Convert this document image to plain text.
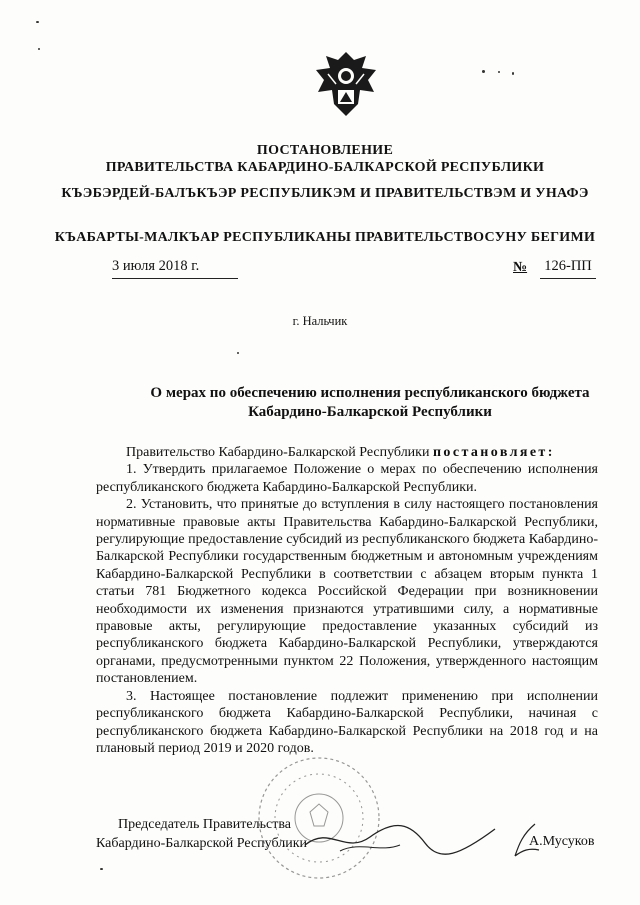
ПОСТАНОВЛЕНИЕ
ПРАВИТЕЛЬСТВА КАБАРДИНО-БАЛКАРСКОЙ РЕСПУБЛИКИ
КЪЭБЭРДЕЙ-БАЛЪКЪЭР РЕСПУБЛИКЭМ И ПРАВИТЕЛЬСТВЭМ И УНАФЭ
КЪАБАРТЫ-МАЛКЪАР РЕСПУБЛИКАНЫ ПРАВИТЕЛЬСТВОСУНУ БЕГИМИ
3 июля 2018 г.	№ 126-ПП
г. Нальчик
О мерах по обеспечению исполнения республиканского бюджета
Кабардино-Балкарской Республики

Правительство Кабардино-Балкарской Республики постановляет:

1. Утвердить прилагаемое Положение о мерах по обеспечению исполнения республиканского бюджета Кабардино-Балкарской Республики.

2. Установить, что принятые до вступления в силу настоящего постановления нормативные правовые акты Правительства Кабардино-Балкарской Республики, регулирующие предоставление субсидий из республиканского бюджета Кабардино-Балкарской Республики государственным бюджетным и автономным учреждениям Кабардино-Балкарской Республики в соответствии с абзацем вторым пункта 1 статьи 781 Бюджетного кодекса Российской Федерации при возникновении необходимости их изменения признаются утратившими силу, а нормативные правовые акты, регулирующие предоставление указанных субсидий из республиканского бюджета Кабардино-Балкарской Республики, утверждаются органами, предусмотренными пунктом 22 Положения, утвержденного настоящим постановлением.

3. Настоящее постановление подлежит применению при исполнении республиканского бюджета Кабардино-Балкарской Республики, начиная с республиканского бюджета Кабардино-Балкарской Республики на 2018 год и на плановый период 2019 и 2020 годов.

Председатель Правительства
Кабардино-Балкарской Республики	А.Мусуков
